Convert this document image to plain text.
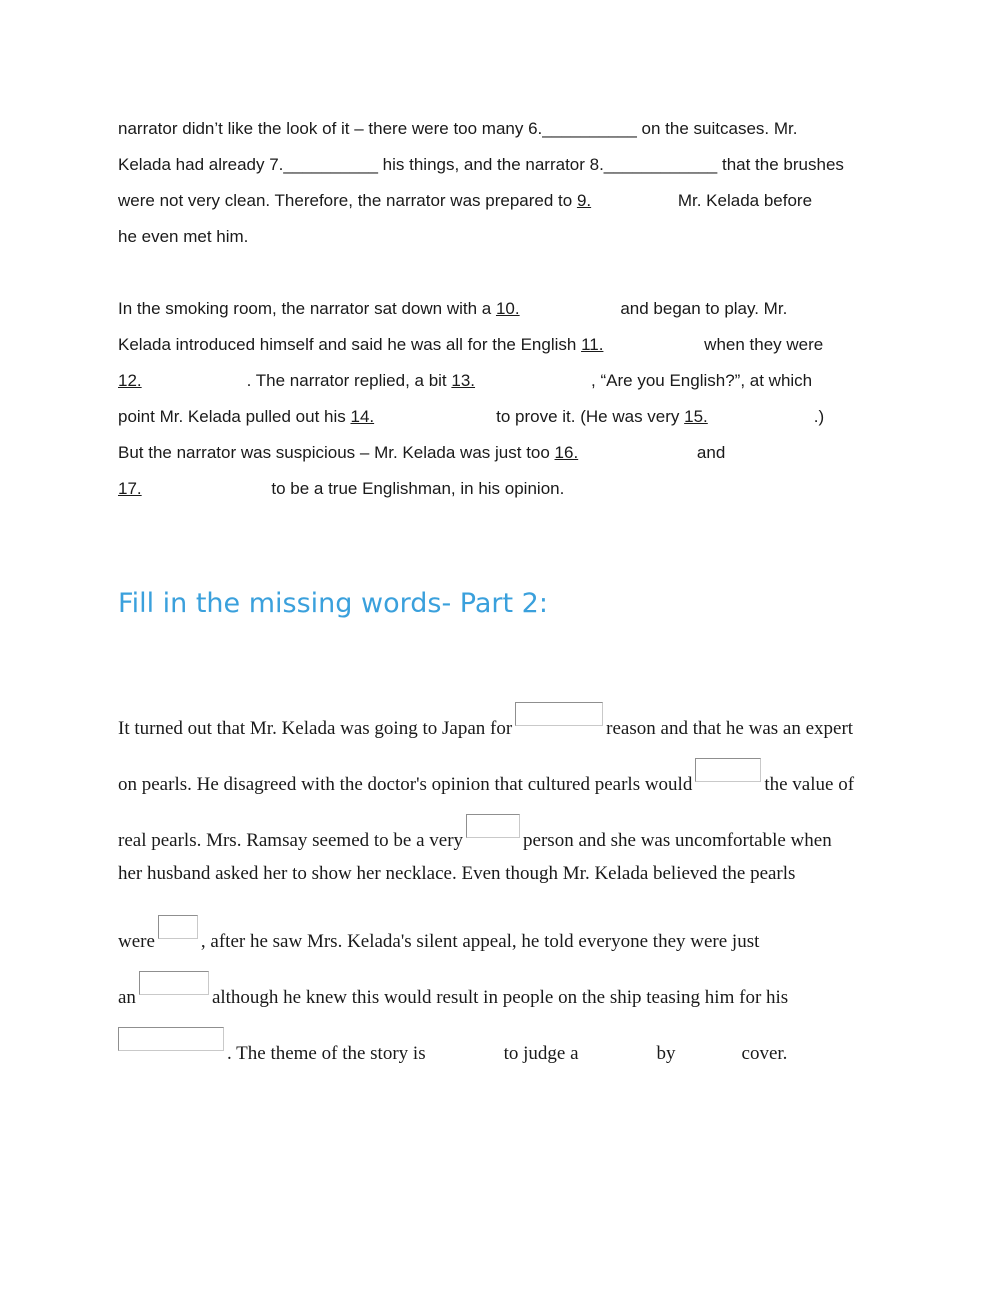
narrator didn’t like the look of it – there were too many 6.__________ on the suitcases. Mr.
Kelada had already 7.__________ his things, and the narrator 8.____________ that the brushes
were not very clean. Therefore, the narrator was prepared to 9.	Mr. Kelada before
he even met him.
In the smoking room, the narrator sat down with a 10.	and began to play. Mr.
Kelada introduced himself and said he was all for the English 11.	when they were
12.	. The narrator replied, a bit 13.	, “Are you English?”, at which
point Mr. Kelada pulled out his 14.	to prove it. (He was very 15.	.)
But the narrator was suspicious – Mr. Kelada was just too 16.	and
17.	to be a true Englishman, in his opinion.
Fill in the missing words- Part 2:
It turned out that Mr. Kelada was going to Japan for	reason and that he was an expert
on pearls. He disagreed with the doctor's opinion that cultured pearls would	the value of
real pearls. Mrs. Ramsay seemed to be a very	person and she was uncomfortable when
her husband asked her to show her necklace. Even though Mr. Kelada believed the pearls
were , after he saw Mrs. Kelada's silent appeal, he told everyone they were just
an	although he knew this would result in people on the ship teasing him for his
. The theme of the story is	to judge a	by	cover.
